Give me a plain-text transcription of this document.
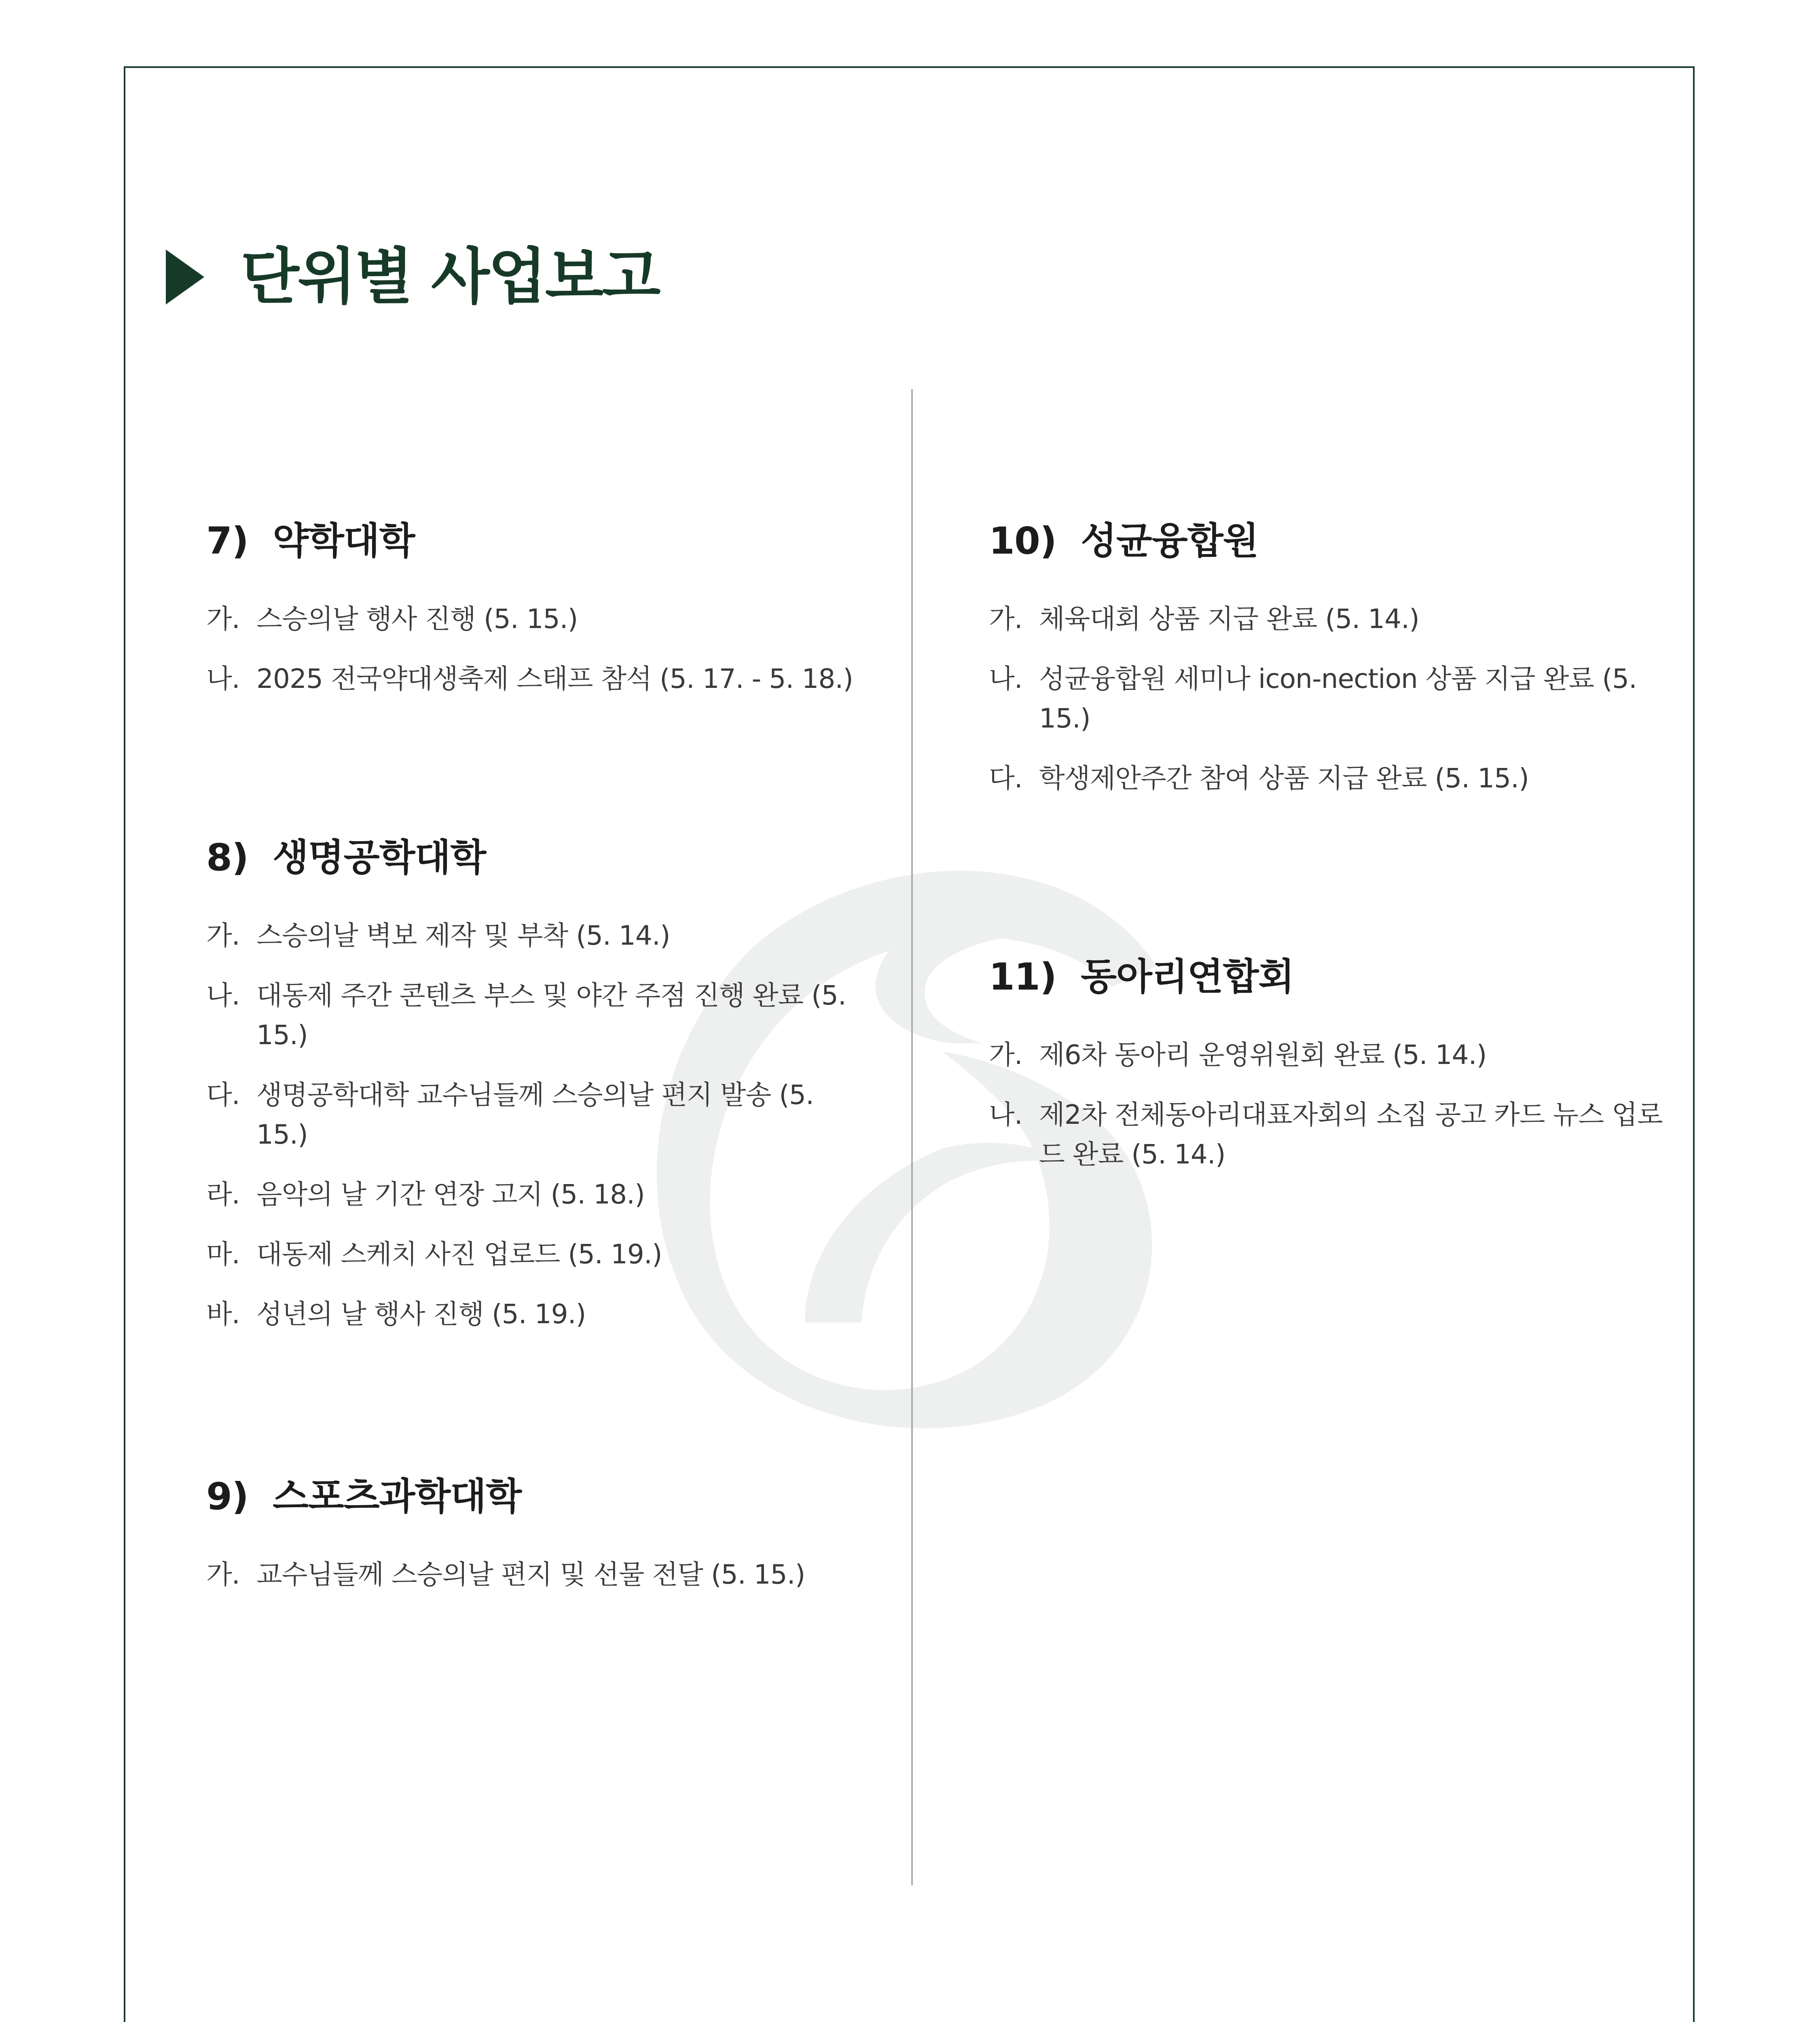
단위별 사업보고
7) 약학대학
가. 스승의날 행사 진행 (5. 15.)
나. 2025 전국약대생축제 스태프 참석 (5. 17. - 5. 18.)
8) 생명공학대학
가. 스승의날 벽보 제작 및 부착 (5. 14.)
나. 대동제 주간 콘텐츠 부스 및 야간 주점 진행 완료 (5. 15.)
다. 생명공학대학 교수님들께 스승의날 편지 발송 (5. 15.)
라. 음악의 날 기간 연장 고지 (5. 18.)
마. 대동제 스케치 사진 업로드 (5. 19.)
바. 성년의 날 행사 진행 (5. 19.)
9) 스포츠과학대학
가. 교수님들께 스승의날 편지 및 선물 전달 (5. 15.)
10) 성균융합원
가. 체육대회 상품 지급 완료 (5. 14.)
나. 성균융합원 세미나 icon-nection 상품 지급 완료 (5. 15.)
다. 학생제안주간 참여 상품 지급 완료 (5. 15.)
11) 동아리연합회
가. 제6차 동아리 운영위원회 완료 (5. 14.)
나. 제2차 전체동아리대표자회의 소집 공고 카드 뉴스 업로드 완료 (5. 14.)
